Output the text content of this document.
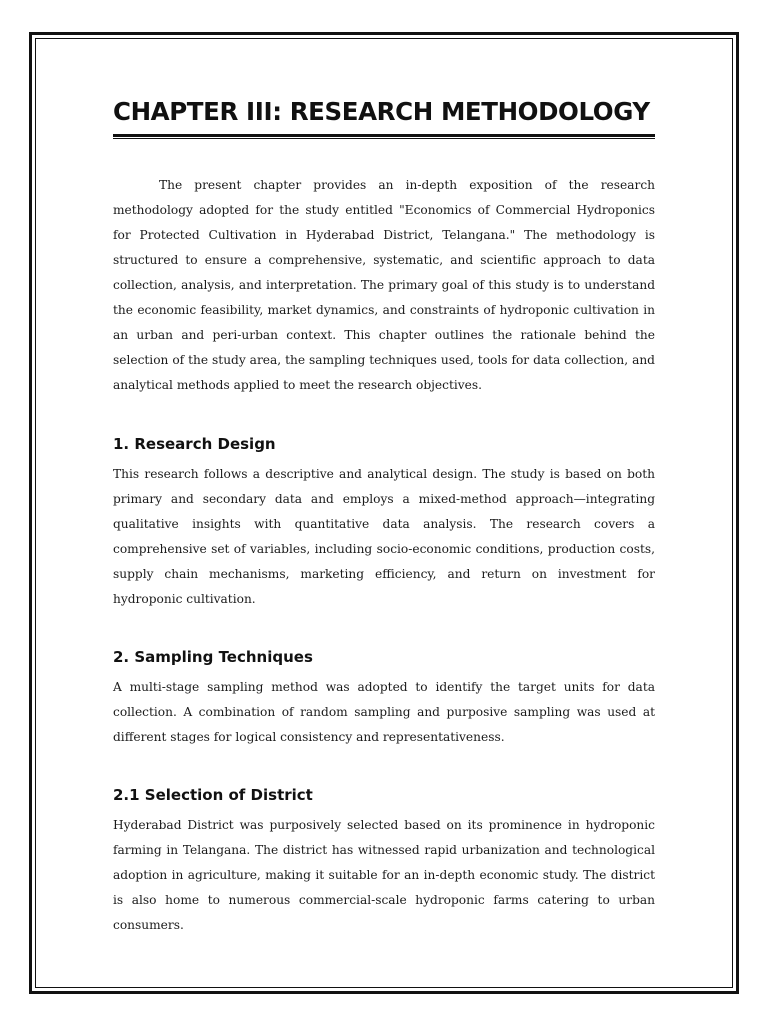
CHAPTER III: RESEARCH METHODOLOGY

The present chapter provides an in-depth exposition of the research methodology adopted for the study entitled "Economics of Commercial Hydroponics for Protected Cultivation in Hyderabad District, Telangana." The methodology is structured to ensure a comprehensive, systematic, and scientific approach to data collection, analysis, and interpretation. The primary goal of this study is to understand the economic feasibility, market dynamics, and constraints of hydroponic cultivation in an urban and peri-urban context. This chapter outlines the rationale behind the selection of the study area, the sampling techniques used, tools for data collection, and analytical methods applied to meet the research objectives.

1. Research Design

This research follows a descriptive and analytical design. The study is based on both primary and secondary data and employs a mixed-method approach—integrating qualitative insights with quantitative data analysis. The research covers a comprehensive set of variables, including socio-economic conditions, production costs, supply chain mechanisms, marketing efficiency, and return on investment for hydroponic cultivation.

2. Sampling Techniques

A multi-stage sampling method was adopted to identify the target units for data collection. A combination of random sampling and purposive sampling was used at different stages for logical consistency and representativeness.

2.1 Selection of District

Hyderabad District was purposively selected based on its prominence in hydroponic farming in Telangana. The district has witnessed rapid urbanization and technological adoption in agriculture, making it suitable for an in-depth economic study. The district is also home to numerous commercial-scale hydroponic farms catering to urban consumers.
